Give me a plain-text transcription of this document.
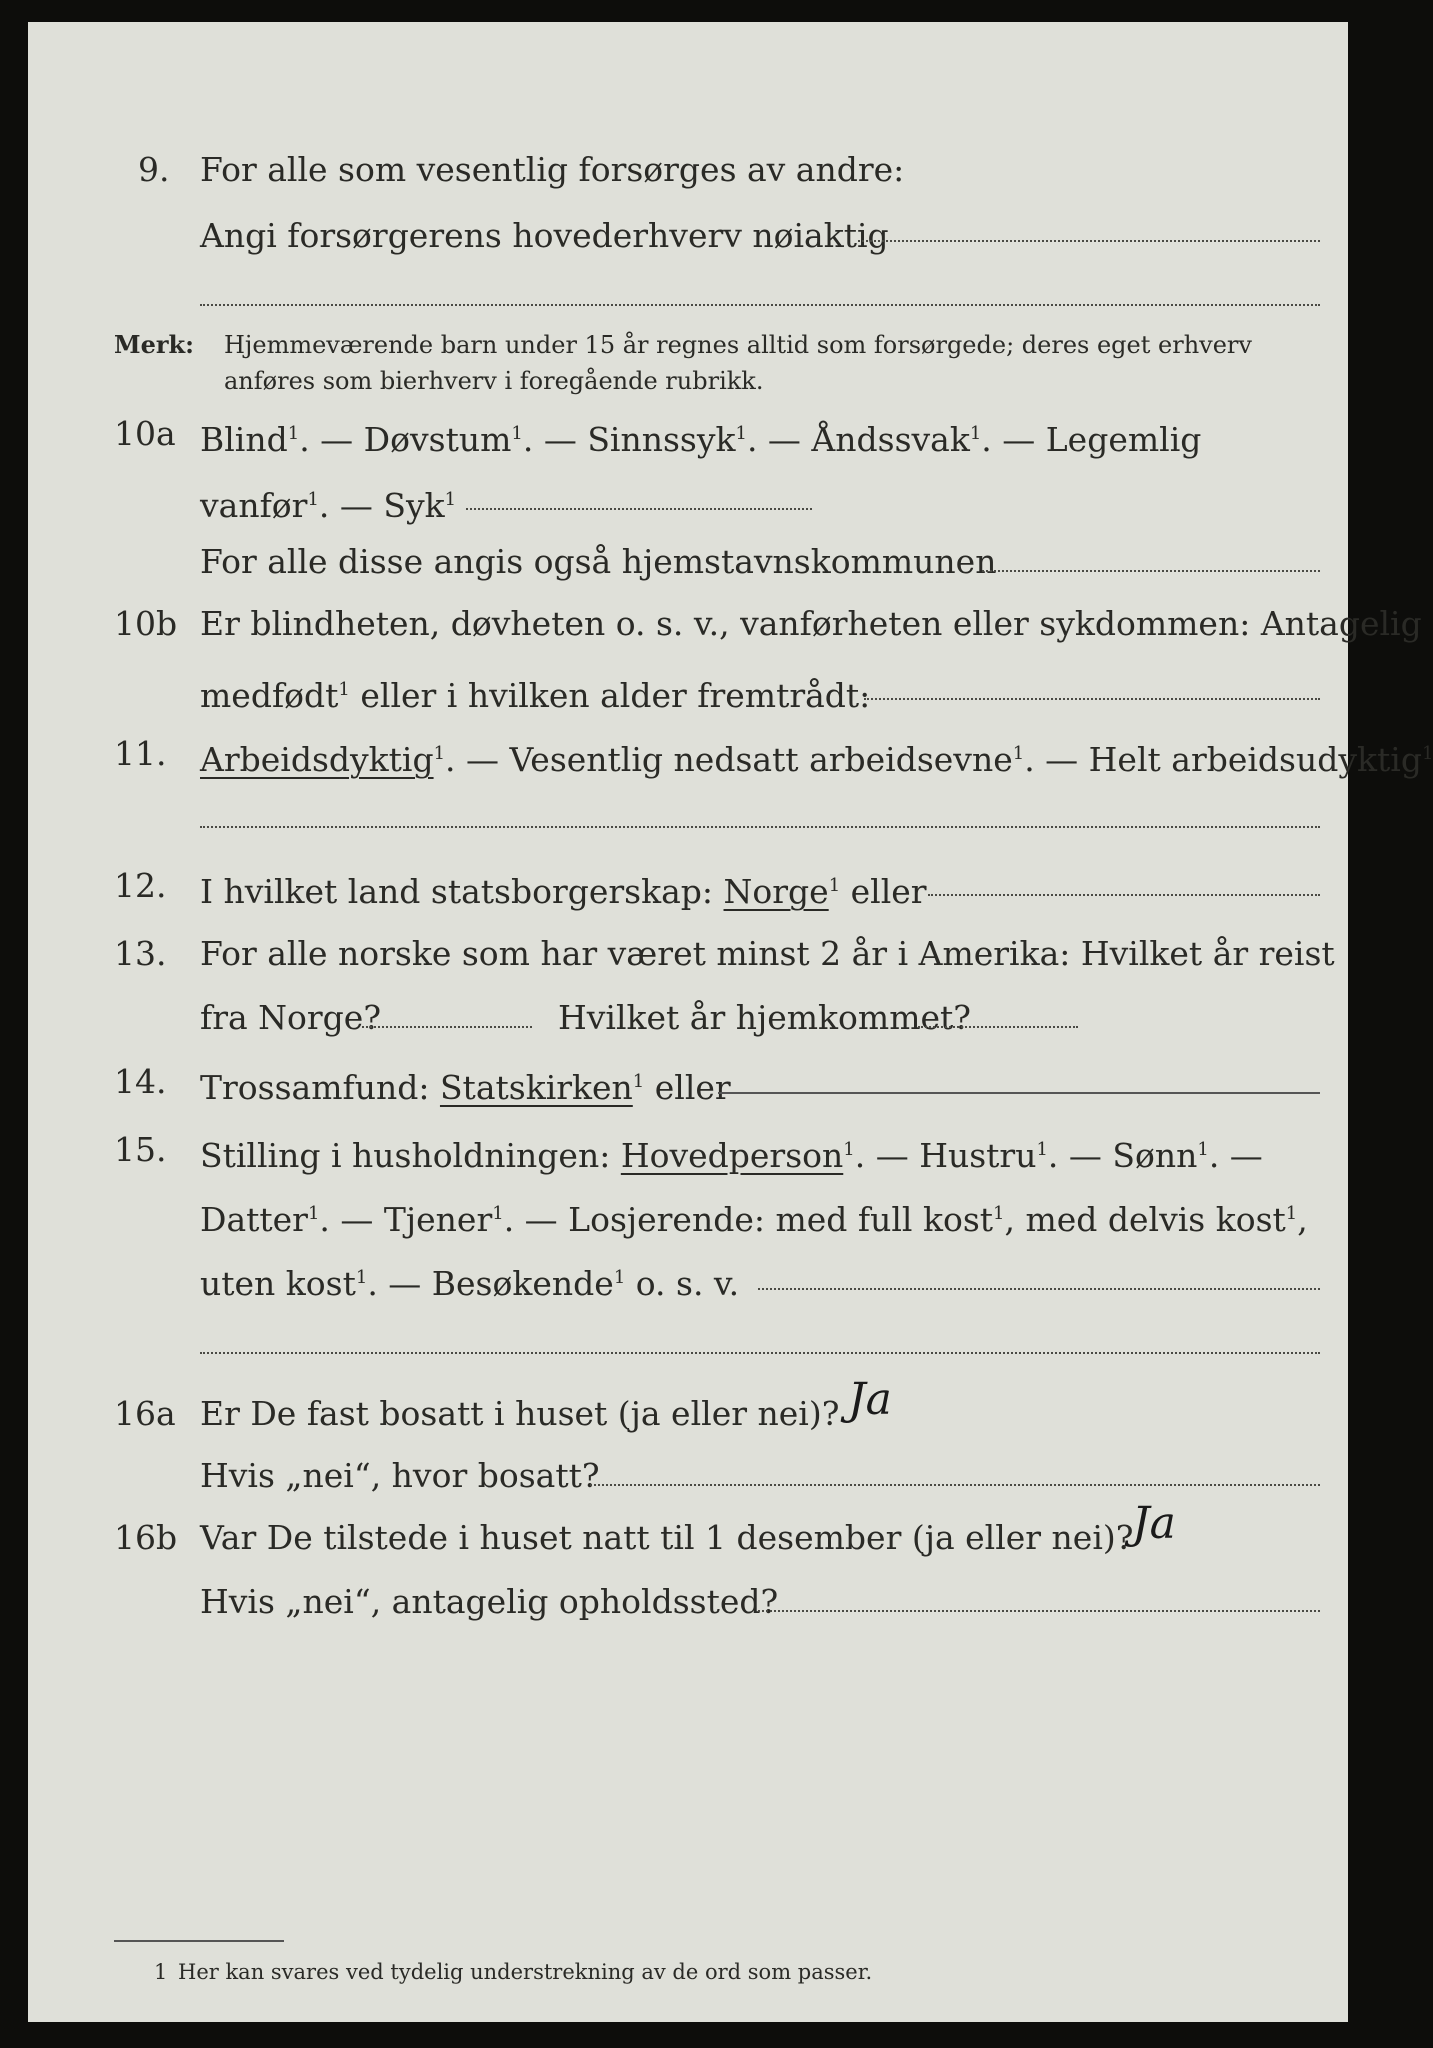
9. For alle som vesentlig forsørges av andre:
Angi forsørgerens hovederhverv nøiaktig
Merk: Hjemmeværende barn under 15 år regnes alltid som forsørgede; deres eget erhverv
anføres som bierhverv i foregående rubrikk.
10a Blind$^1$. — Døvstum$^1$. — Sinnssyk$^1$. — Åndssvak$^1$. — Legemlig
vanfør$^1$. — Syk$^1$
For alle disse angis også hjemstavnskommunen
10b Er blindheten, døvheten o. s. v., vanførheten eller sykdommen: Antagelig
medfødt$^1$ eller i hvilken alder fremtrådt:
11. Arbeidsdyktig$^1$. — Vesentlig nedsatt arbeidsevne$^1$. — Helt arbeidsudyktig$^1$
12. I hvilket land statsborgerskap: Norge$^1$ eller
13. For alle norske som har været minst 2 år i Amerika: Hvilket år reist
fra Norge?	Hvilket år hjemkommet?
14. Trossamfund: Statskirken$^1$ eller
15. Stilling i husholdningen: Hovedperson$^1$. — Hustru$^1$. — Sønn$^1$. —
Datter$^1$. — Tjener$^1$. — Losjerende: med full kost$^1$, med delvis kost$^1$,
uten kost$^1$. — Besøkende$^1$ o. s. v.
16a Er De fast bosatt i huset (ja eller nei)? Ja
Hvis „nei“, hvor bosatt?
16b Var De tilstede i huset natt til 1 desember (ja eller nei)?
Ja
Hvis „nei“, antagelig opholdssted?
1 Her kan svares ved tydelig understrekning av de ord som passer.
